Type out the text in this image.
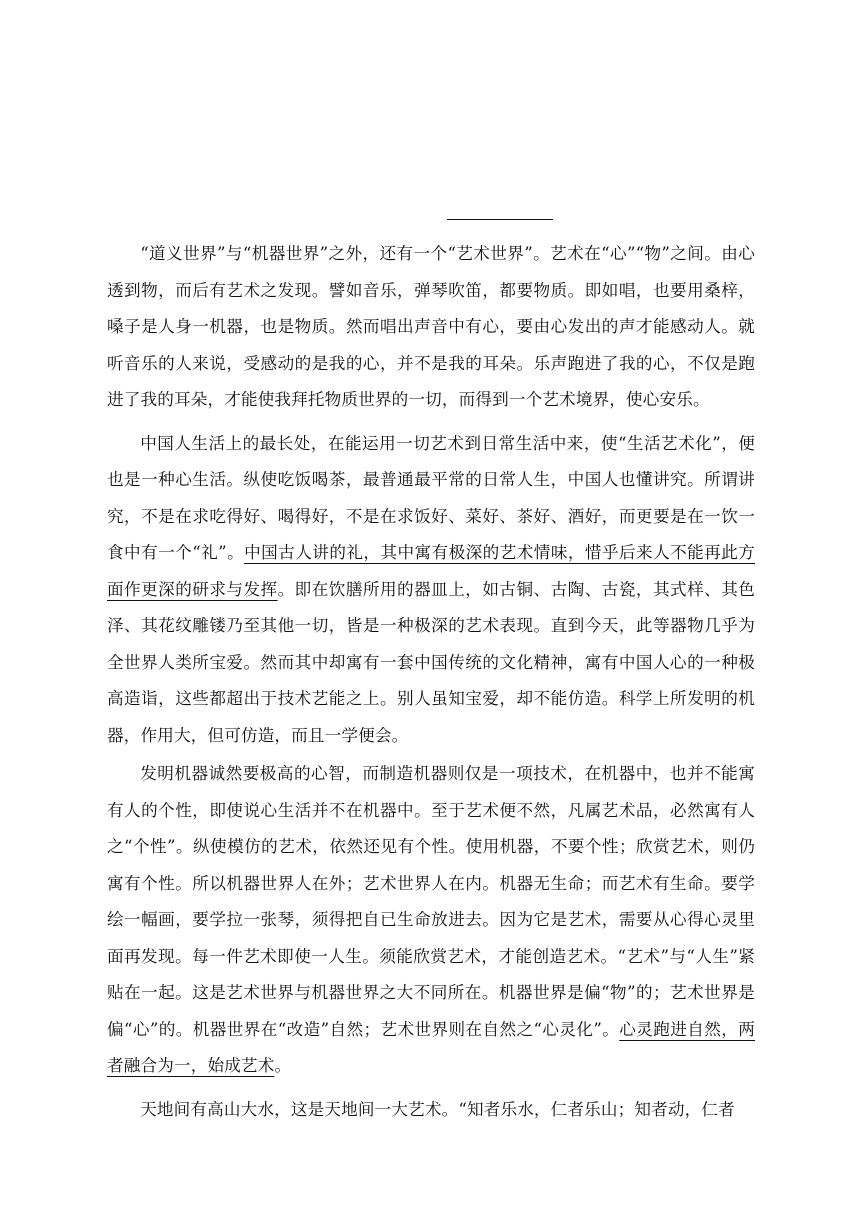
“道义世界”与“机器世界”之外，还有一个“艺术世界”。艺术在“心”“物”之间。由心透到物，而后有艺术之发现。譬如音乐，弹琴吹笛，都要物质。即如唱，也要用桑梓，嗓子是人身一机器，也是物质。然而唱出声音中有心，要由心发出的声才能感动人。就听音乐的人来说，受感动的是我的心，并不是我的耳朵。乐声跑进了我的心，不仅是跑进了我的耳朵，才能使我拜托物质世界的一切，而得到一个艺术境界，使心安乐。

中国人生活上的最长处，在能运用一切艺术到日常生活中来，使“生活艺术化”，便也是一种心生活。纵使吃饭喝茶，最普通最平常的日常人生，中国人也懂讲究。所谓讲究，不是在求吃得好、喝得好，不是在求饭好、菜好、茶好、酒好，而更要是在一饮一食中有一个“礼”。中国古人讲的礼，其中寓有极深的艺术情味，惜乎后来人不能再此方面作更深的研求与发挥。即在饮膳所用的器皿上，如古铜、古陶、古瓷，其式样、其色泽、其花纹雕镂乃至其他一切，皆是一种极深的艺术表现。直到今天，此等器物几乎为全世界人类所宝爱。然而其中却寓有一套中国传统的文化精神，寓有中国人心的一种极高造诣，这些都超出于技术艺能之上。别人虽知宝爱，却不能仿造。科学上所发明的机器，作用大，但可仿造，而且一学便会。

发明机器诚然要极高的心智，而制造机器则仅是一项技术，在机器中，也并不能寓有人的个性，即使说心生活并不在机器中。至于艺术便不然，凡属艺术品，必然寓有人之“个性”。纵使模仿的艺术，依然还见有个性。使用机器，不要个性；欣赏艺术，则仍寓有个性。所以机器世界人在外；艺术世界人在内。机器无生命；而艺术有生命。要学绘一幅画，要学拉一张琴，须得把自已生命放进去。因为它是艺术，需要从心得心灵里面再发现。每一件艺术即使一人生。须能欣赏艺术，才能创造艺术。“艺术”与“人生”紧贴在一起。这是艺术世界与机器世界之大不同所在。机器世界是偏“物”的；艺术世界是偏“心”的。机器世界在“改造”自然；艺术世界则在自然之“心灵化”。心灵跑进自然，两者融合为一，始成艺术。

天地间有高山大水，这是天地间一大艺术。“知者乐水，仁者乐山；知者动，仁者
